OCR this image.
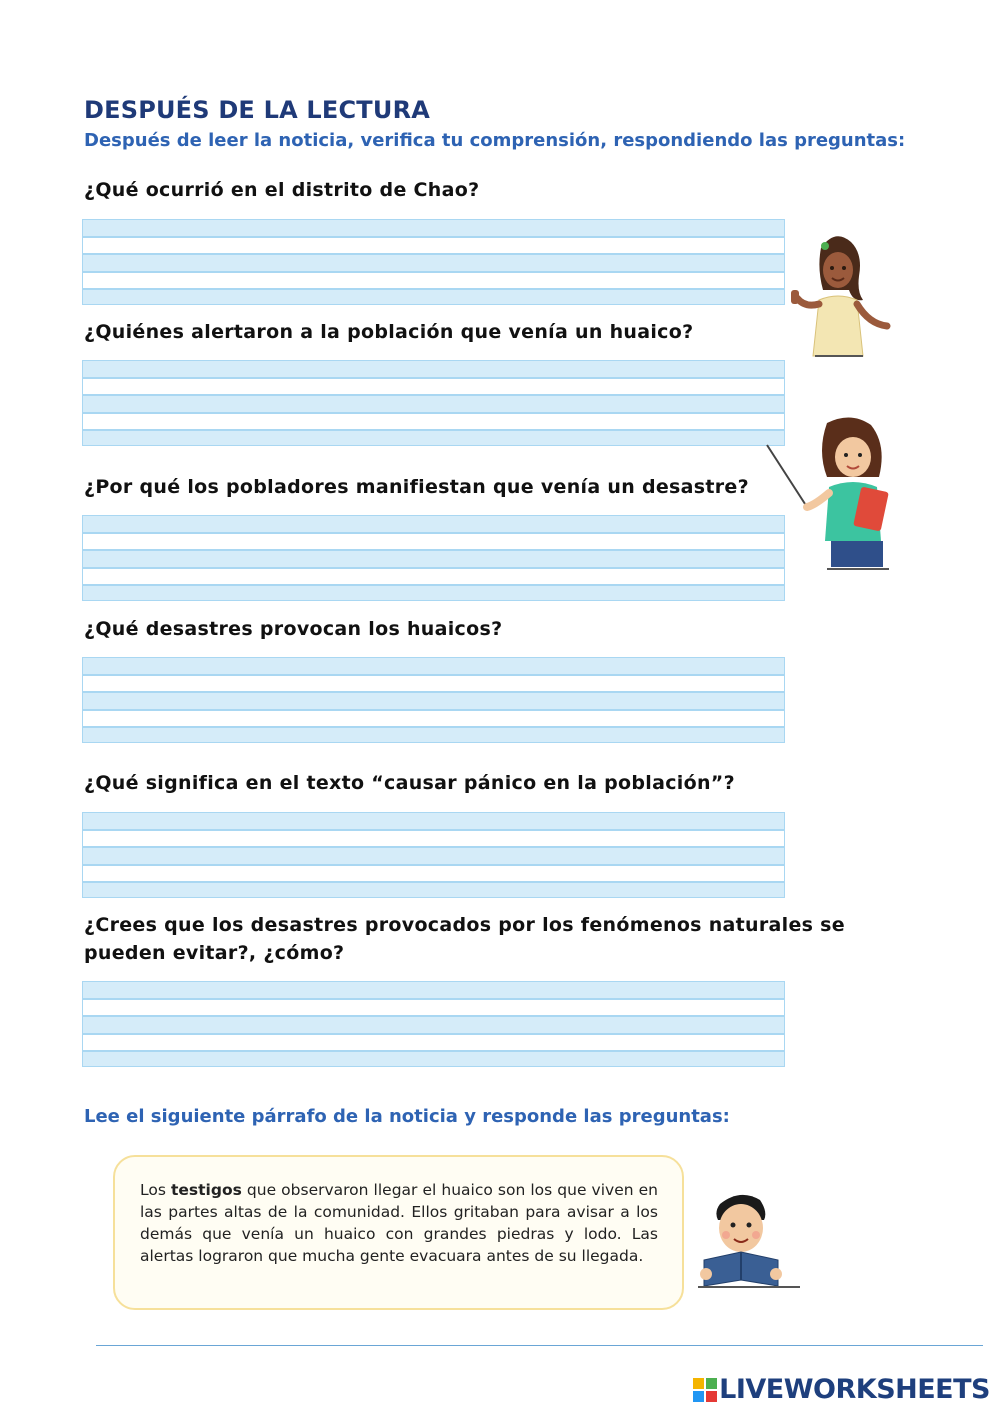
DESPUÉS DE LA LECTURA

Después de leer la noticia, verifica tu comprensión, respondiendo las preguntas:

¿Qué ocurrió en el distrito de Chao?

¿Quiénes alertaron a la población que venía un huaico?

¿Por qué los pobladores manifiestan que venía un desastre?

¿Qué desastres provocan los huaicos?

¿Qué significa en el texto “causar pánico en la población”?

¿Crees que los desastres provocados por los fenómenos naturales se pueden evitar?, ¿cómo?

Lee el siguiente párrafo de la noticia y responde las preguntas:

Los testigos que observaron llegar el huaico son los que viven en las partes altas de la comunidad. Ellos gritaban para avisar a los demás que venía un huaico con grandes piedras y lodo. Las alertas lograron que mucha gente evacuara antes de su llegada.

LIVEWORKSHEETS
